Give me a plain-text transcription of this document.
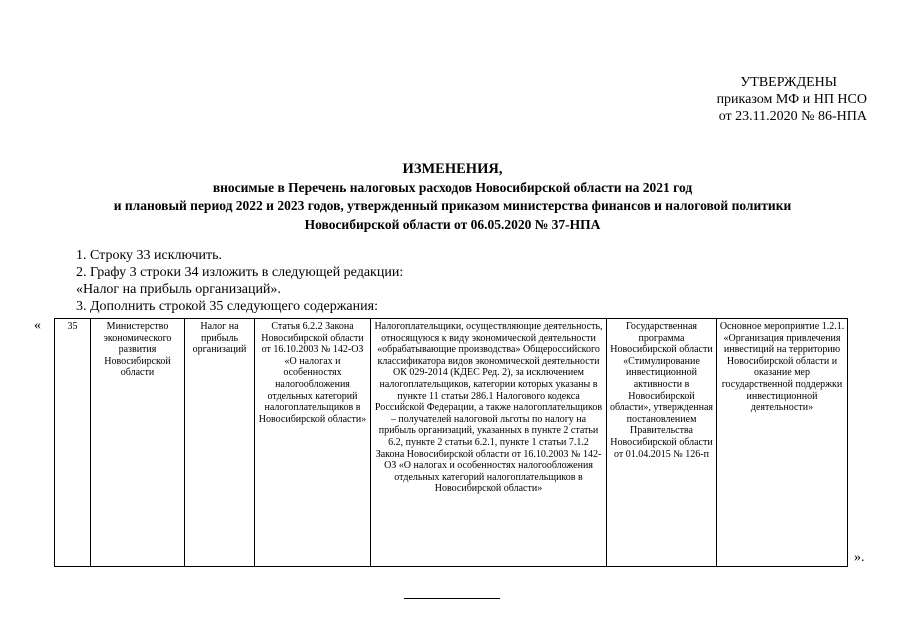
УТВЕРЖДЕНЫ
приказом МФ и НП НСО
от 23.11.2020 № 86-НПА
ИЗМЕНЕНИЯ,
вносимые в Перечень налоговых расходов Новосибирской области на 2021 год
и плановый период 2022 и 2023 годов, утвержденный приказом министерства финансов и налоговой политики
Новосибирской области от 06.05.2020 № 37-НПА
1. Строку 33 исключить.
2. Графу 3 строки 34 изложить в следующей редакции:
«Налог на прибыль организаций».
3. Дополнить строкой 35 следующего содержания:
«	35	Министерство экономического развития Новосибирской области	Налог на прибыль организаций	Статья 6.2.2 Закона Новосибирской области от 16.10.2003 № 142-ОЗ «О налогах и особенностях налогообложения отдельных категорий налогоплательщиков в Новосибирской области»	Налогоплательщики, осуществляющие деятельность, относящуюся к виду экономической деятельности «обрабатывающие производства» Общероссийского классификатора видов экономической деятельности ОК 029-2014 (КДЕС Ред. 2), за исключением налогоплательщиков, категории которых указаны в пункте 11 статьи 286.1 Налогового кодекса Российской Федерации, а также налогоплательщиков – получателей налоговой льготы по налогу на прибыль организаций, указанных в пункте 2 статьи 6.2, пункте 2 статьи 6.2.1, пункте 1 статьи 7.1.2 Закона Новосибирской области от 16.10.2003 № 142-ОЗ «О налогах и особенностях налогообложения отдельных категорий налогоплательщиков в Новосибирской области»	Государственная программа Новосибирской области «Стимулирование инвестиционной активности в Новосибирской области», утвержденная постановлением Правительства Новосибирской области от 01.04.2015 № 126-п	Основное мероприятие 1.2.1. «Организация привлечения инвестиций на территорию Новосибирской области и оказание мер государственной поддержки инвестиционной деятельности»
».
